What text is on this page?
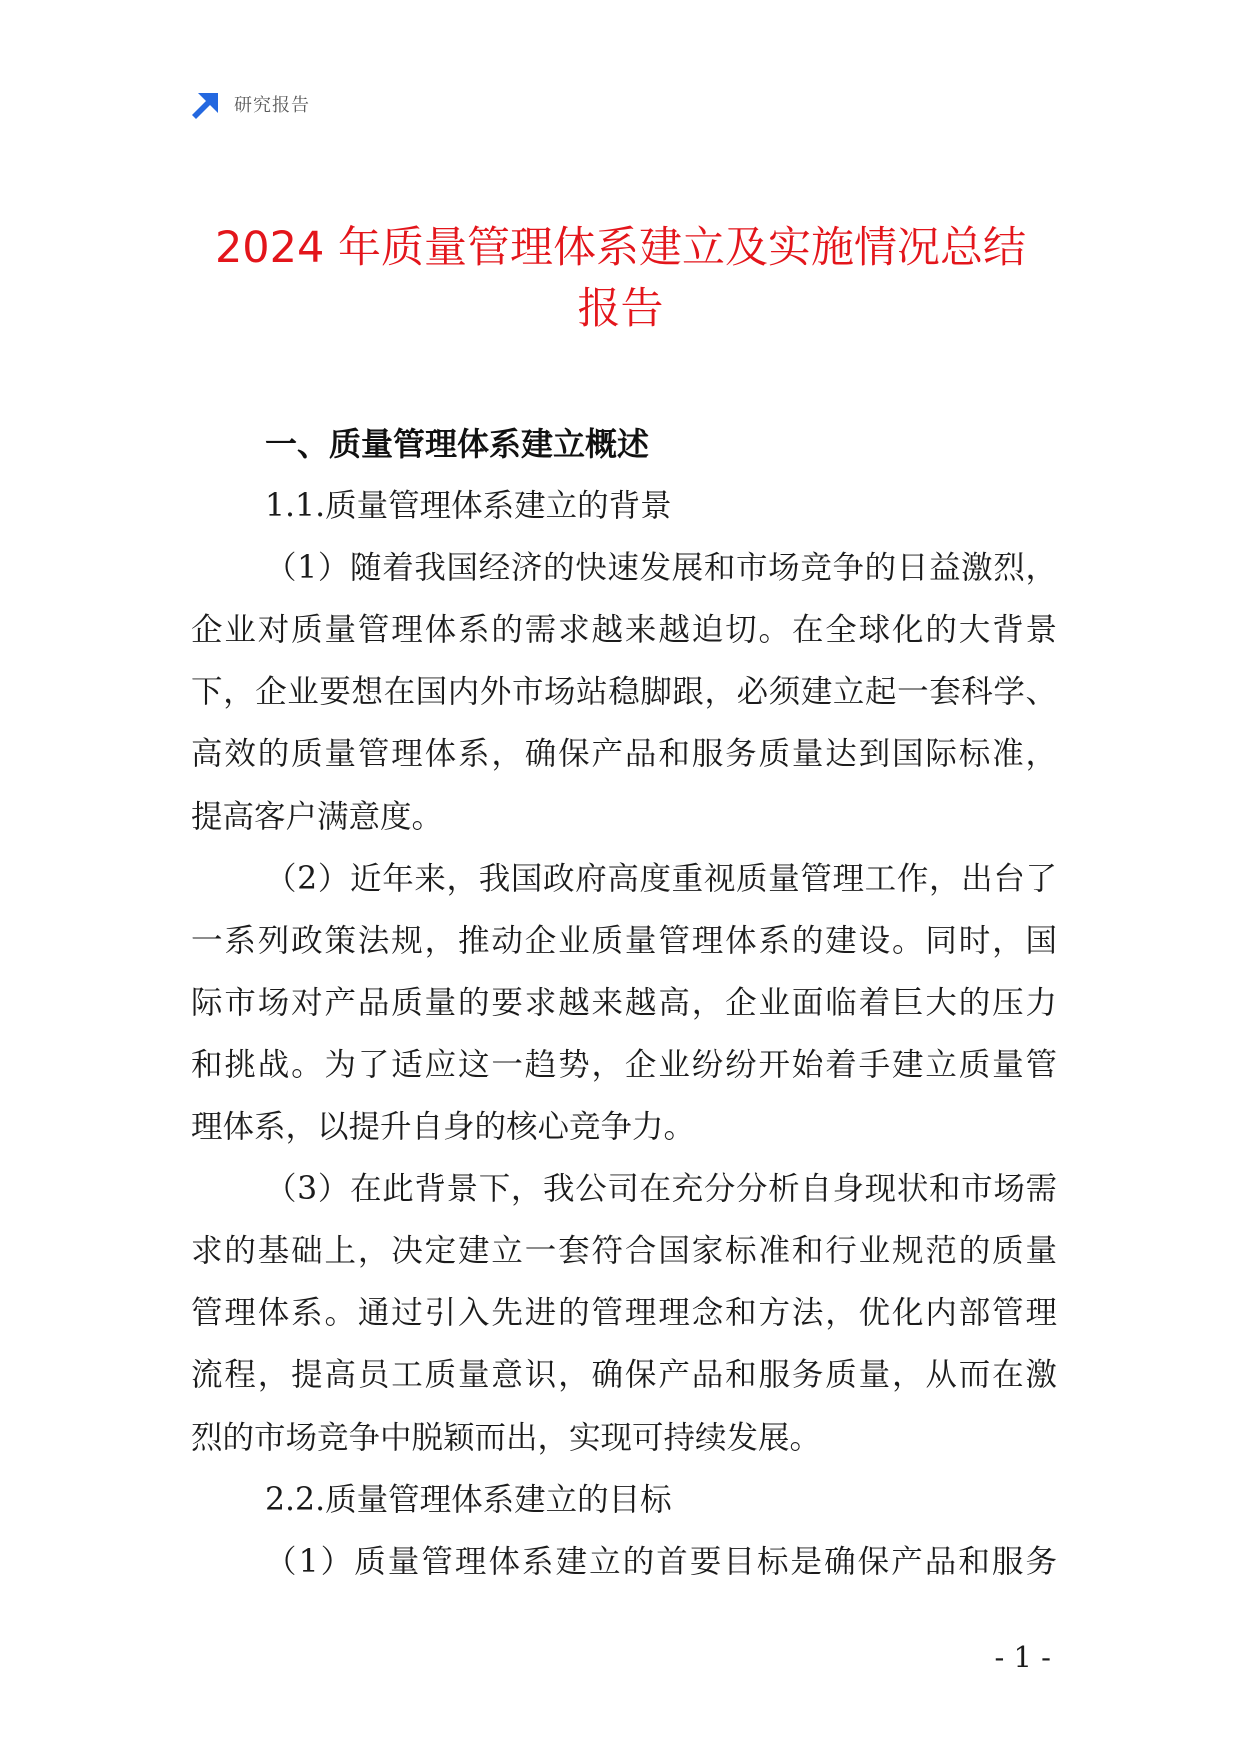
研究报告
2024 年质量管理体系建立及实施情况总结
报告
一、质量管理体系建立概述
1.1.质量管理体系建立的背景
（1）随着我国经济的快速发展和市场竞争的日益激烈，
企业对质量管理体系的需求越来越迫切。在全球化的大背景
下，企业要想在国内外市场站稳脚跟，必须建立起一套科学、
高效的质量管理体系，确保产品和服务质量达到国际标准，
提高客户满意度。
（2）近年来，我国政府高度重视质量管理工作，出台了
一系列政策法规，推动企业质量管理体系的建设。同时，国
际市场对产品质量的要求越来越高，企业面临着巨大的压力
和挑战。为了适应这一趋势，企业纷纷开始着手建立质量管
理体系，以提升自身的核心竞争力。
（3）在此背景下，我公司在充分分析自身现状和市场需
求的基础上，决定建立一套符合国家标准和行业规范的质量
管理体系。通过引入先进的管理理念和方法，优化内部管理
流程，提高员工质量意识，确保产品和服务质量，从而在激
烈的市场竞争中脱颖而出，实现可持续发展。
2.2.质量管理体系建立的目标
（1）质量管理体系建立的首要目标是确保产品和服务
- 1 -
